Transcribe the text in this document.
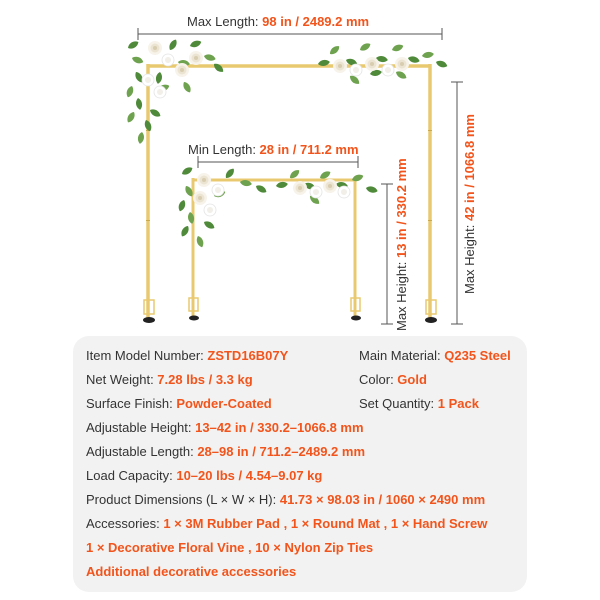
Max Length: 98 in / 2489.2 mm
Min Length: 28 in / 711.2 mm
Max Height: 42 in / 1066.8 mm
Max Height: 13 in / 330.2 mm
Item Model Number: ZSTD16B07Y	Main Material: Q235 Steel
Net Weight: 7.28 lbs / 3.3 kg	Color: Gold
Surface Finish: Powder-Coated	Set Quantity: 1 Pack
Adjustable Height: 13–42 in / 330.2–1066.8 mm
Adjustable Length: 28–98 in / 711.2–2489.2 mm
Load Capacity: 10–20 lbs / 4.54–9.07 kg
Product Dimensions (L × W × H): 41.73 × 98.03 in / 1060 × 2490 mm
Accessories: 1 × 3M Rubber Pad , 1 × Round Mat , 1 × Hand Screw
1 × Decorative Floral Vine , 10 × Nylon Zip Ties
Additional decorative accessories
